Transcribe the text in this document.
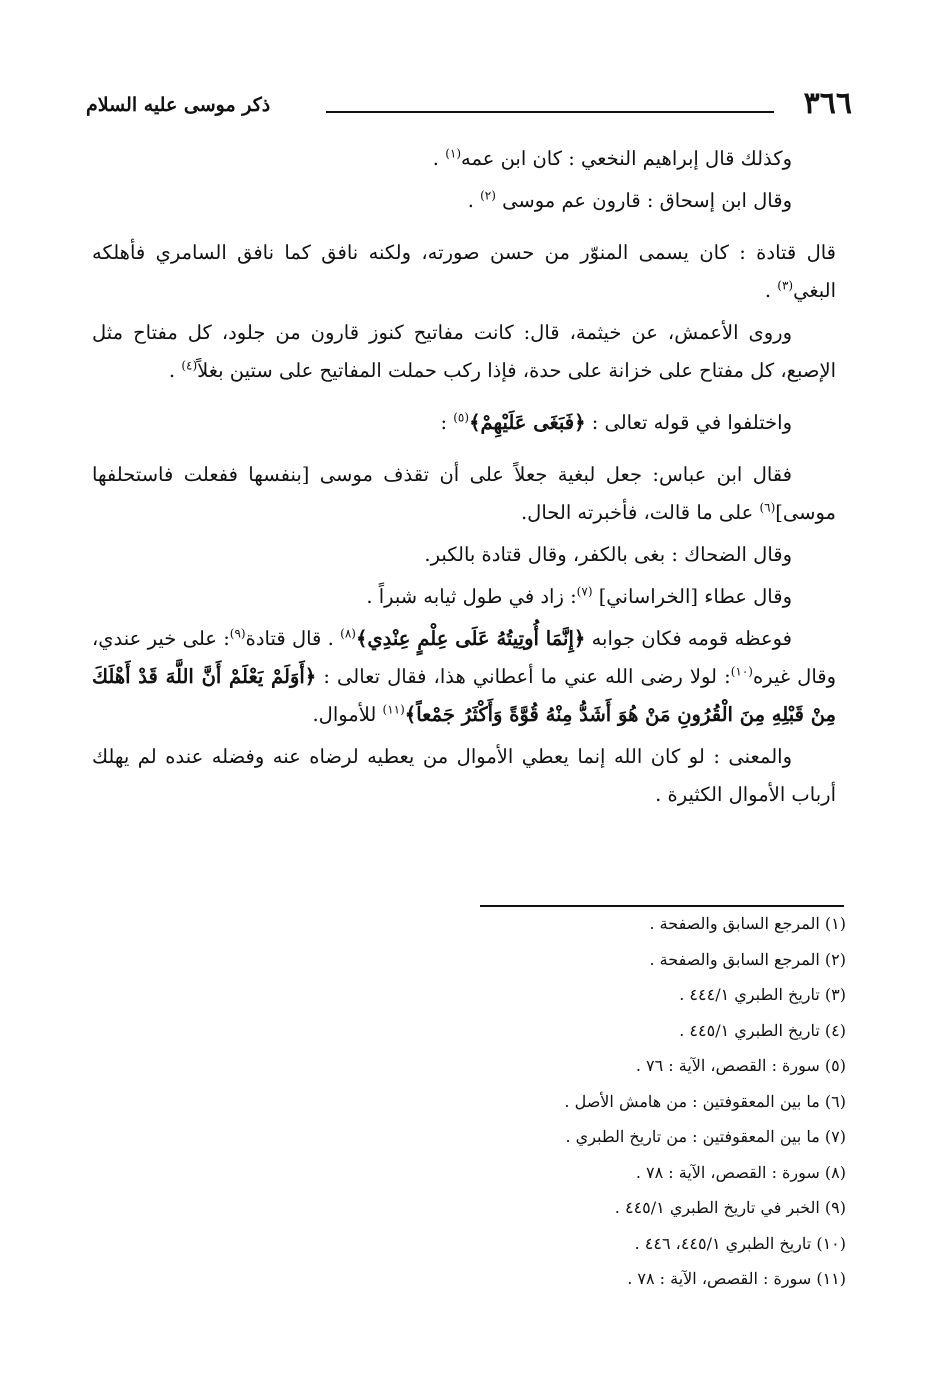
٣٦٦
ذكر موسى عليه السلام

وكذلك قال إبراهيم النخعي : كان ابن عمه$^{(١)}$ .

وقال ابن إسحاق : قارون عم موسى $^{(٢)}$ .

قال قتادة : كان يسمى المنوّر من حسن صورته، ولكنه نافق كما نافق السامري فأهلكه البغي$^{(٣)}$ .

وروى الأعمش، عن خيثمة، قال: كانت مفاتيح كنوز قارون من جلود، كل مفتاح مثل الإصبع، كل مفتاح على خزانة على حدة، فإذا ركب حملت المفاتيح على ستين بغلاً$^{(٤)}$ .

واختلفوا في قوله تعالى : ﴿فَبَغَى عَلَيْهِمْ﴾$^{(٥)}$ :

فقال ابن عباس: جعل لبغية جعلاً على أن تقذف موسى [بنفسها ففعلت فاستحلفها موسى]$^{(٦)}$ على ما قالت، فأخبرته الحال.

وقال الضحاك : بغى بالكفر، وقال قتادة بالكبر.

وقال عطاء [الخراساني] $^{(٧)}$: زاد في طول ثيابه شبراً .

فوعظه قومه فكان جوابه ﴿إِنَّمَا أُوتِيتُهُ عَلَى عِلْمٍ عِنْدِي﴾$^{(٨)}$ . قال قتادة$^{(٩)}$: على خير عندي، وقال غيره$^{(١٠)}$: لولا رضى الله عني ما أعطاني هذا، فقال تعالى : ﴿أَوَلَمْ يَعْلَمْ أَنَّ اللَّهَ قَدْ أَهْلَكَ مِنْ قَبْلِهِ مِنَ الْقُرُونِ مَنْ هُوَ أَشَدُّ مِنْهُ قُوَّةً وَأَكْثَرُ جَمْعاً﴾$^{(١١)}$ للأموال.

والمعنى : لو كان الله إنما يعطي الأموال من يعطيه لرضاه عنه وفضله عنده لم يهلك أرباب الأموال الكثيرة .

(١) المرجع السابق والصفحة .
(٢) المرجع السابق والصفحة .
(٣) تاريخ الطبري ٤٤٤/١ .
(٤) تاريخ الطبري ٤٤٥/١ .
(٥) سورة : القصص، الآية : ٧٦ .
(٦) ما بين المعقوفتين : من هامش الأصل .
(٧) ما بين المعقوفتين : من تاريخ الطبري .
(٨) سورة : القصص، الآية : ٧٨ .
(٩) الخبر في تاريخ الطبري ٤٤٥/١ .
(١٠) تاريخ الطبري ٤٤٥/١، ٤٤٦ .
(١١) سورة : القصص، الآية : ٧٨ .
